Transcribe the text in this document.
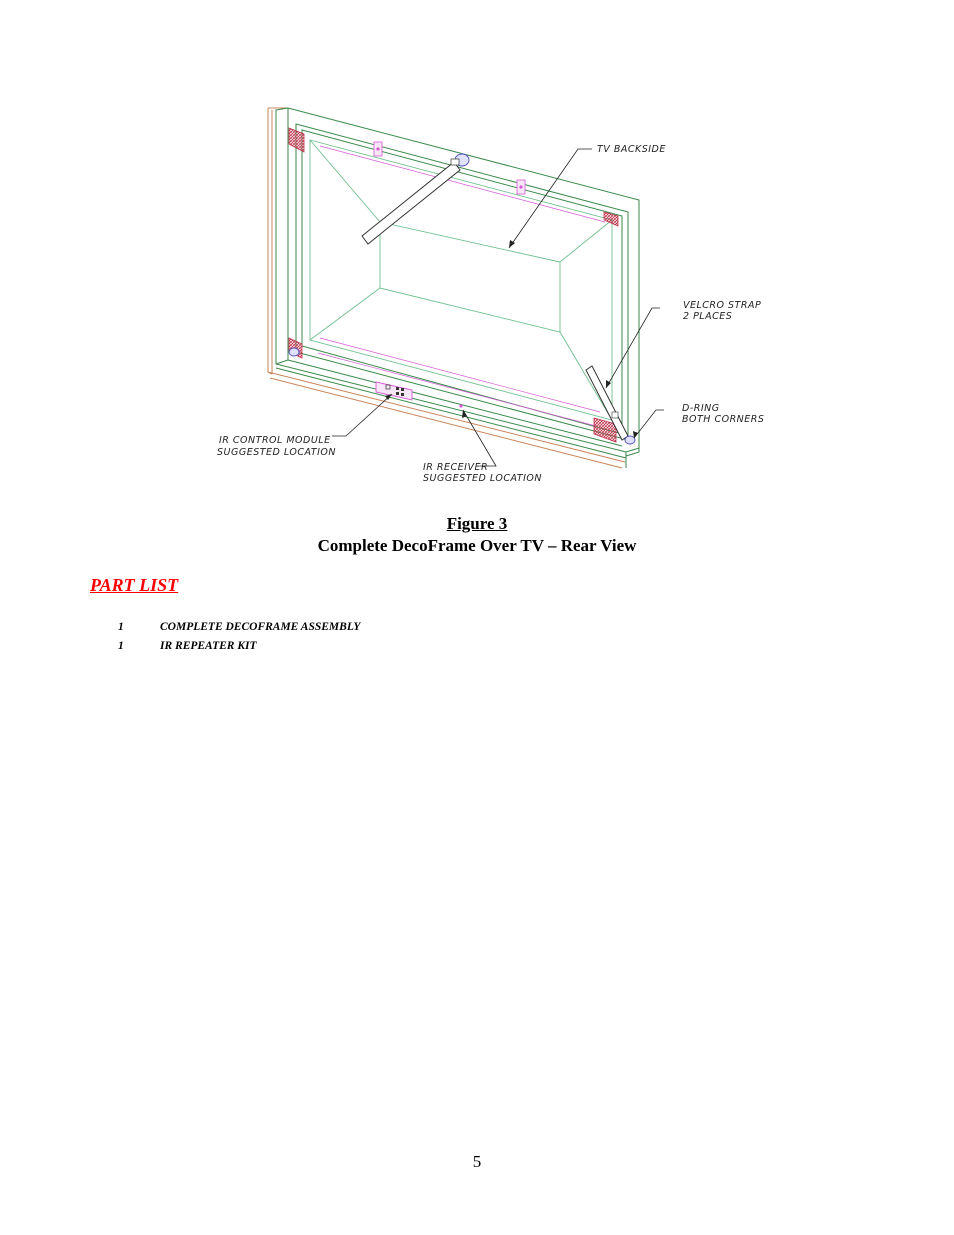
TV BACKSIDE
VELCRO STRAP
2 PLACES
D-RING
BOTH CORNERS
IR CONTROL MODULE
SUGGESTED LOCATION
IR RECEIVER
SUGGESTED LOCATION
Figure 3
Complete DecoFrame Over TV – Rear View
PART LIST
1	COMPLETE DECOFRAME ASSEMBLY
1	IR REPEATER KIT
5
